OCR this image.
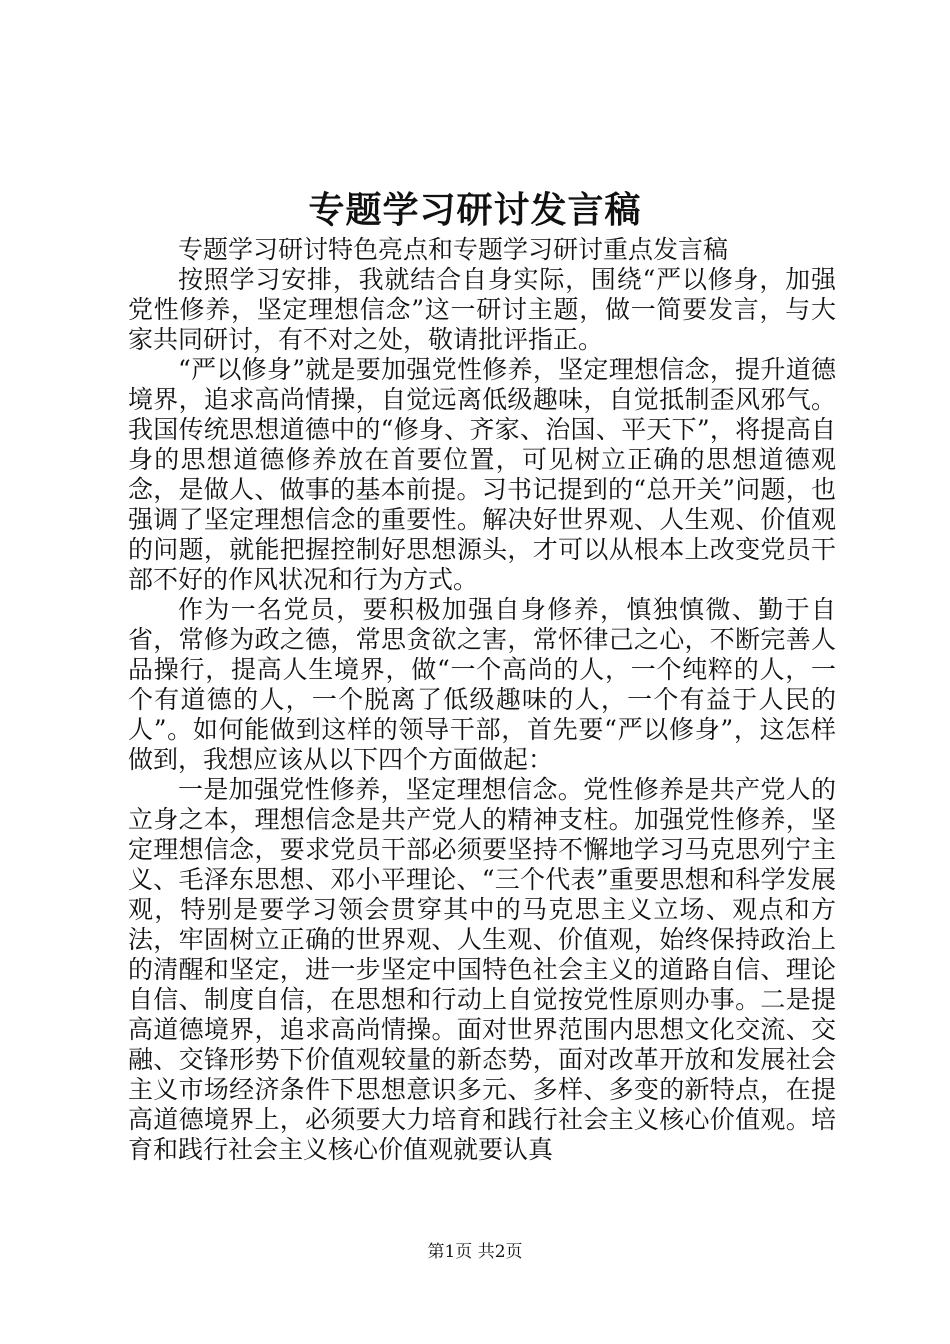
专题学习研讨发言稿

专题学习研讨特色亮点和专题学习研讨重点发言稿

按照学习安排，我就结合自身实际，围绕“严以修身，加强党性修养，坚定理想信念”这一研讨主题，做一简要发言，与大家共同研讨，有不对之处，敬请批评指正。

“严以修身”就是要加强党性修养，坚定理想信念，提升道德境界，追求高尚情操，自觉远离低级趣味，自觉抵制歪风邪气。我国传统思想道德中的“修身、齐家、治国、平天下”，将提高自身的思想道德修养放在首要位置，可见树立正确的思想道德观念，是做人、做事的基本前提。习书记提到的“总开关”问题，也强调了坚定理想信念的重要性。解决好世界观、人生观、价值观的问题，就能把握控制好思想源头，才可以从根本上改变党员干部不好的作风状况和行为方式。

作为一名党员，要积极加强自身修养，慎独慎微、勤于自省，常修为政之德，常思贪欲之害，常怀律己之心，不断完善人品操行，提高人生境界，做“一个高尚的人，一个纯粹的人，一个有道德的人，一个脱离了低级趣味的人，一个有益于人民的人”。如何能做到这样的领导干部，首先要“严以修身”，这怎样做到，我想应该从以下四个方面做起：

一是加强党性修养，坚定理想信念。党性修养是共产党人的立身之本，理想信念是共产党人的精神支柱。加强党性修养，坚定理想信念，要求党员干部必须要坚持不懈地学习马克思列宁主义、毛泽东思想、邓小平理论、“三个代表”重要思想和科学发展观，特别是要学习领会贯穿其中的马克思主义立场、观点和方法，牢固树立正确的世界观、人生观、价值观，始终保持政治上的清醒和坚定，进一步坚定中国特色社会主义的道路自信、理论自信、制度自信，在思想和行动上自觉按党性原则办事。二是提高道德境界，追求高尚情操。面对世界范围内思想文化交流、交融、交锋形势下价值观较量的新态势，面对改革开放和发展社会主义市场经济条件下思想意识多元、多样、多变的新特点，在提高道德境界上，必须要大力培育和践行社会主义核心价值观。培育和践行社会主义核心价值观就要认真

第1页 共2页
